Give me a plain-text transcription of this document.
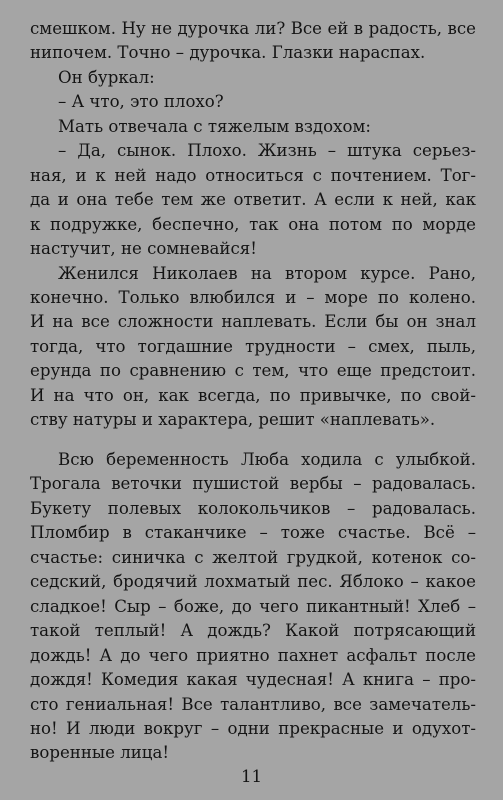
смешком. Ну не дурочка ли? Все ей в радость, все

нипочем. Точно – дурочка. Глазки нараспах.

Он буркал:

– А что, это плохо?

Мать отвечала с тяжелым вздохом:

– Да, сынок. Плохо. Жизнь – штука серьез-

ная, и к ней надо относиться с почтением. Тог-

да и она тебе тем же ответит. А если к ней, как

к подружке, беспечно, так она потом по морде

настучит, не сомневайся!

Женился Николаев на втором курсе. Рано,

конечно. Только влюбился и – море по колено.

И на все сложности наплевать. Если бы он знал

тогда, что тогдашние трудности – смех, пыль,

ерунда по сравнению с тем, что еще предстоит.

И на что он, как всегда, по привычке, по свой-

ству натуры и характера, решит «наплевать».

Всю беременность Люба ходила с улыбкой.

Трогала веточки пушистой вербы – радовалась.

Букету полевых колокольчиков – радовалась.

Пломбир в стаканчике – тоже счастье. Всё –

счастье: синичка с желтой грудкой, котенок со-

седский, бродячий лохматый пес. Яблоко – какое

сладкое! Сыр – боже, до чего пикантный! Хлеб –

такой теплый! А дождь? Какой потрясающий

дождь! А до чего приятно пахнет асфальт после

дождя! Комедия какая чудесная! А книга – про-

сто гениальная! Все талантливо, все замечатель-

но! И люди вокруг – одни прекрасные и одухот-

воренные лица!

11
